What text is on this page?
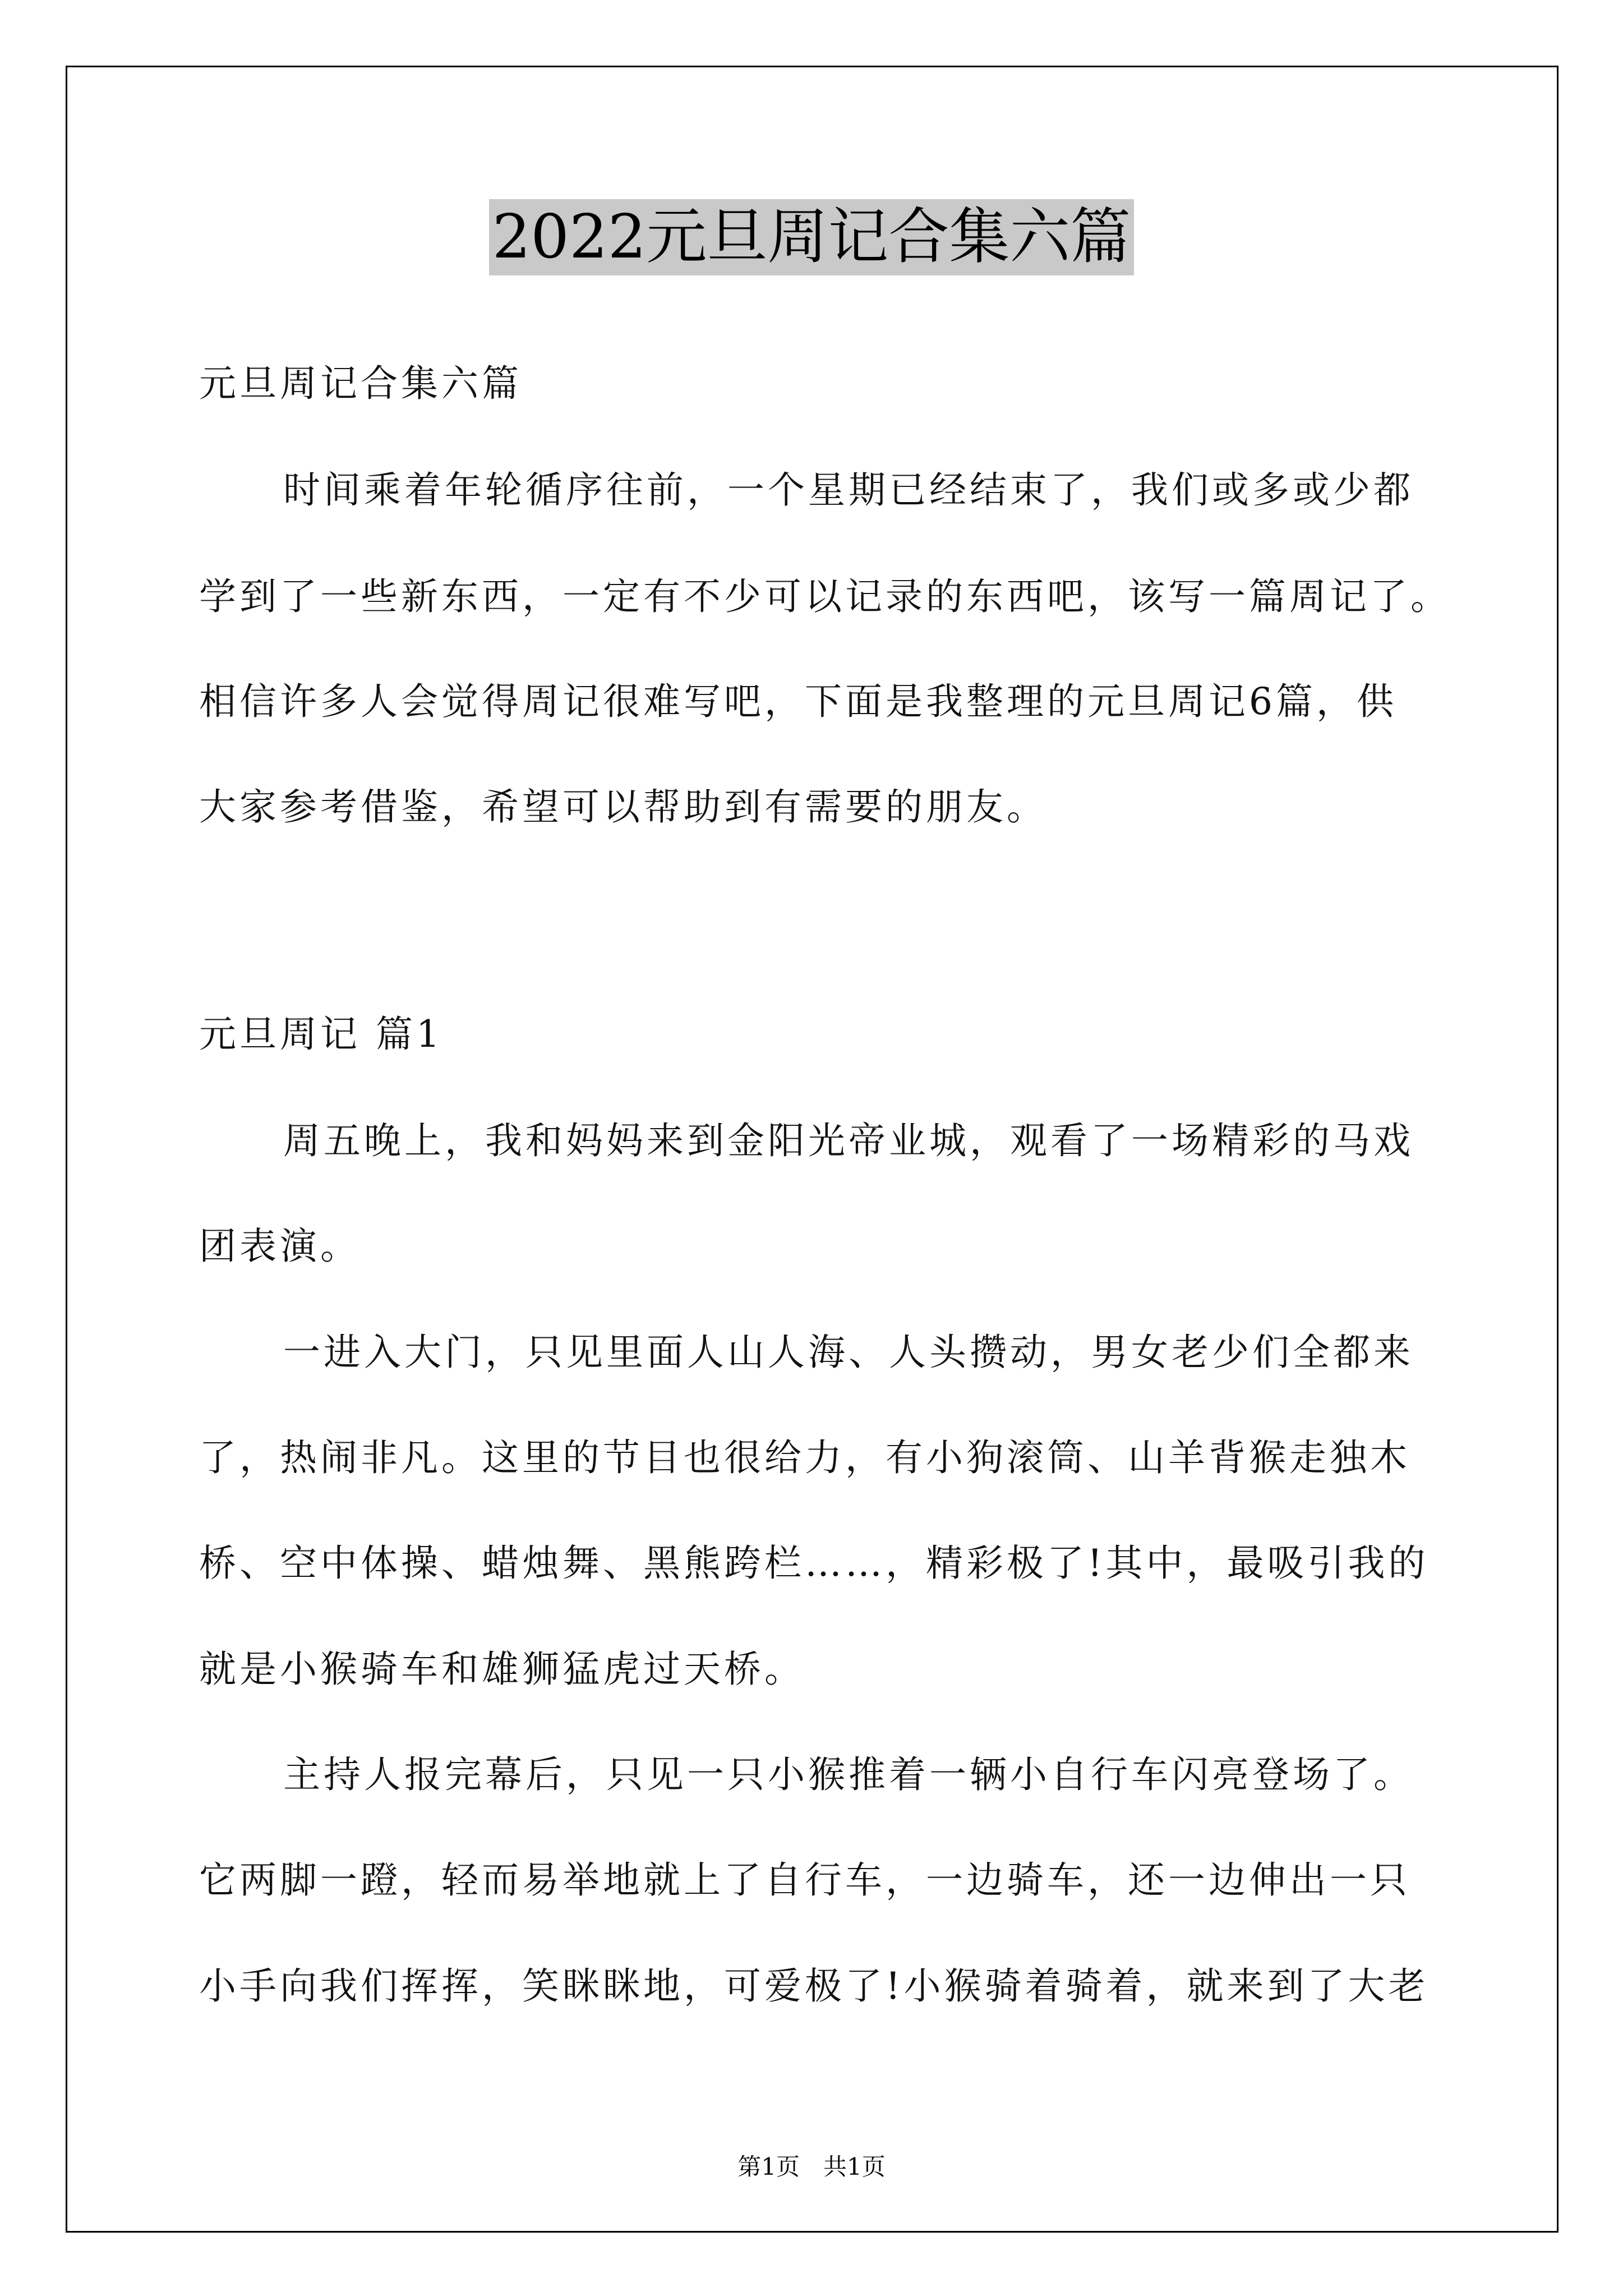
2022元旦周记合集六篇
元旦周记合集六篇
时间乘着年轮循序往前，一个星期已经结束了，我们或多或少都
学到了一些新东西，一定有不少可以记录的东西吧，该写一篇周记了。
相信许多人会觉得周记很难写吧，下面是我整理的元旦周记6篇，供
大家参考借鉴，希望可以帮助到有需要的朋友。
元旦周记 篇1
周五晚上，我和妈妈来到金阳光帝业城，观看了一场精彩的马戏
团表演。
一进入大门，只见里面人山人海、人头攒动，男女老少们全都来
了，热闹非凡。这里的节目也很给力，有小狗滚筒、山羊背猴走独木
桥、空中体操、蜡烛舞、黑熊跨栏……，精彩极了!其中，最吸引我的
就是小猴骑车和雄狮猛虎过天桥。
主持人报完幕后，只见一只小猴推着一辆小自行车闪亮登场了。
它两脚一蹬，轻而易举地就上了自行车，一边骑车，还一边伸出一只
小手向我们挥挥，笑眯眯地，可爱极了!小猴骑着骑着，就来到了大老
第1页　共1页
